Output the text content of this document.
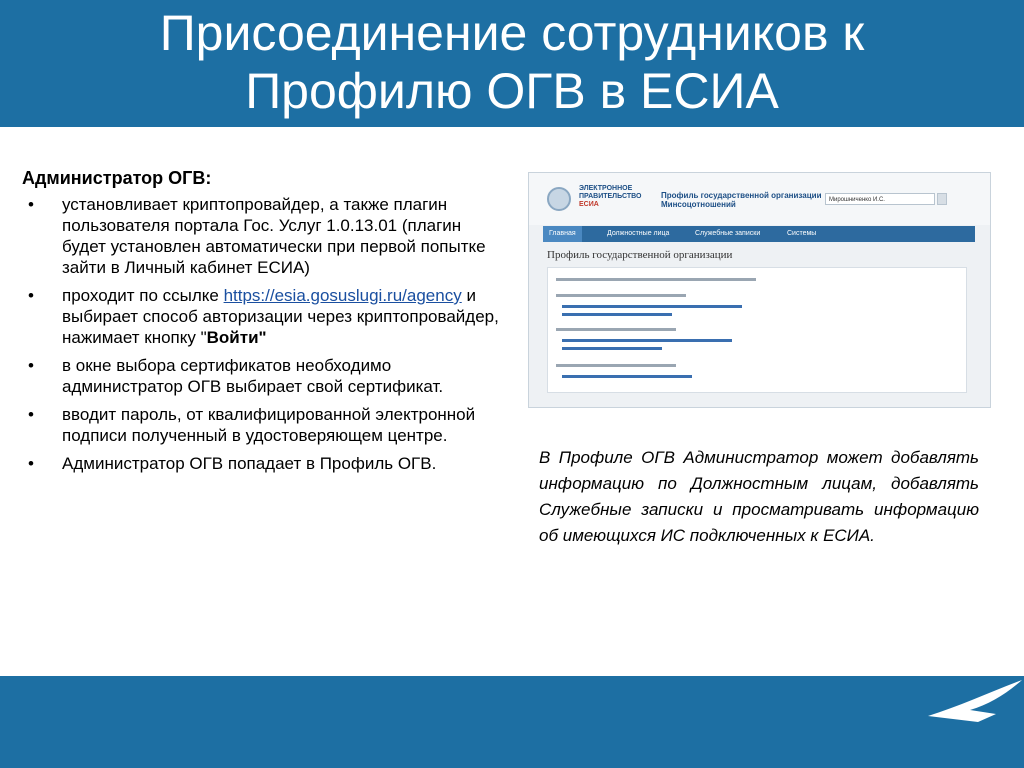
Присоединение сотрудников к
Профилю ОГВ в ЕСИА
Администратор ОГВ:
• установливает криптопровайдер, а также плагин пользователя портала Гос. Услуг 1.0.13.01 (плагин будет установлен автоматически при первой попытке зайти в Личный кабинет ЕСИА)
• проходит по ссылке https://esia.gosuslugi.ru/agency и выбирает способ авторизации через криптопровайдер, нажимает кнопку "Войти"
• в окне выбора сертификатов необходимо администратор ОГВ выбирает свой сертификат.
• вводит пароль, от квалифицированной электронной подписи полученный в удостоверяющем центре.
• Администратор ОГВ попадает в Профиль ОГВ.
ЭЛЕКТРОННОЕ
ПРАВИТЕЛЬСТВО
ЕСИА
Профиль государственной организации
Минсоцотношений	Мирошниченко И.С.
Главная	Должностные лица	Служебные записки	Системы
Профиль государственной организации
В Профиле ОГВ Администратор может добавлять информацию по Должностным лицам, добавлять Служебные записки и просматривать информацию об имеющихся ИС подключенных к ЕСИА.
